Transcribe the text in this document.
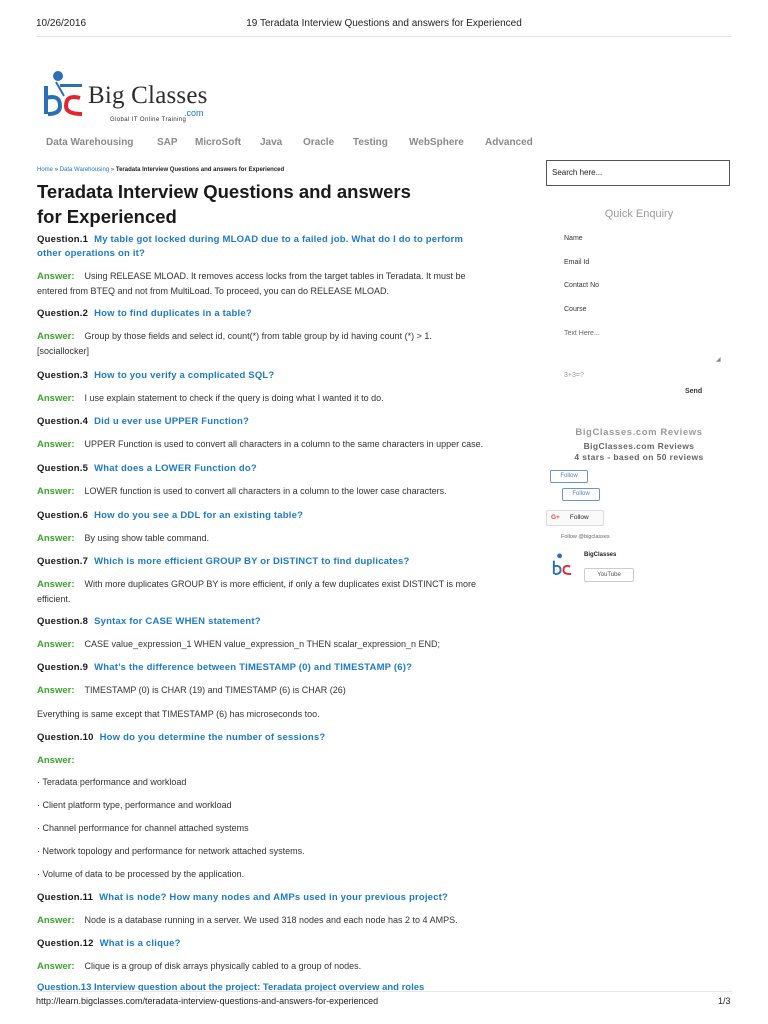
10/26/2016	19 Teradata Interview Questions and answers for Experienced
Big Classes
.com
Global IT Online Training
Data Warehousing SAP MicroSoft Java Oracle Testing WebSphere Advanced
Home » Data Warehousing » Teradata Interview Questions and answers for Experienced
Teradata Interview Questions and answers
for Experienced
Question.1 My table got locked during MLOAD due to a failed job. What do I do to perform
other operations on it?
Answer: Using RELEASE MLOAD. It removes access locks from the target tables in Teradata. It must be
entered from BTEQ and not from MultiLoad. To proceed, you can do RELEASE MLOAD.
Question.2 How to find duplicates in a table?
Answer: Group by those fields and select id, count(*) from table group by id having count (*) > 1.
[sociallocker]
Question.3 How to you verify a complicated SQL?
Answer: I use explain statement to check if the query is doing what I wanted it to do.
Question.4 Did u ever use UPPER Function?
Answer: UPPER Function is used to convert all characters in a column to the same characters in upper case.
Question.5 What does a LOWER Function do?
Answer: LOWER function is used to convert all characters in a column to the lower case characters.
Question.6 How do you see a DDL for an existing table?
Answer: By using show table command.
Question.7 Which is more efficient GROUP BY or DISTINCT to find duplicates?
Answer: With more duplicates GROUP BY is more efficient, if only a few duplicates exist DISTINCT is more
efficient.
Question.8 Syntax for CASE WHEN statement?
Answer: CASE value_expression_1 WHEN value_expression_n THEN scalar_expression_n END;
Question.9 What’s the difference between TIMESTAMP (0) and TIMESTAMP (6)?
Answer: TIMESTAMP (0) is CHAR (19) and TIMESTAMP (6) is CHAR (26)
Everything is same except that TIMESTAMP (6) has microseconds too.
Question.10 How do you determine the number of sessions?
Answer:
· Teradata performance and workload
· Client platform type, performance and workload
· Channel performance for channel attached systems
· Network topology and performance for network attached systems.
· Volume of data to be processed by the application.
Question.11 What is node? How many nodes and AMPs used in your previous project?
Answer: Node is a database running in a server. We used 318 nodes and each node has 2 to 4 AMPS.
Question.12 What is a clique?
Answer: Clique is a group of disk arrays physically cabled to a group of nodes.
Question.13 Interview question about the project: Teradata project overview and roles
Search here...
Quick Enquiry
Name
Email Id
Contact No
Course
Text Here...
◢
3+3=?
Send
BigClasses.com Reviews
BigClasses.com Reviews
4 stars - based on 50 reviews
Follow
Follow
G+ Follow
Follow @bigclasses
BigClasses
YouTube
http://learn.bigclasses.com/teradata-interview-questions-and-answers-for-experienced	1/3
